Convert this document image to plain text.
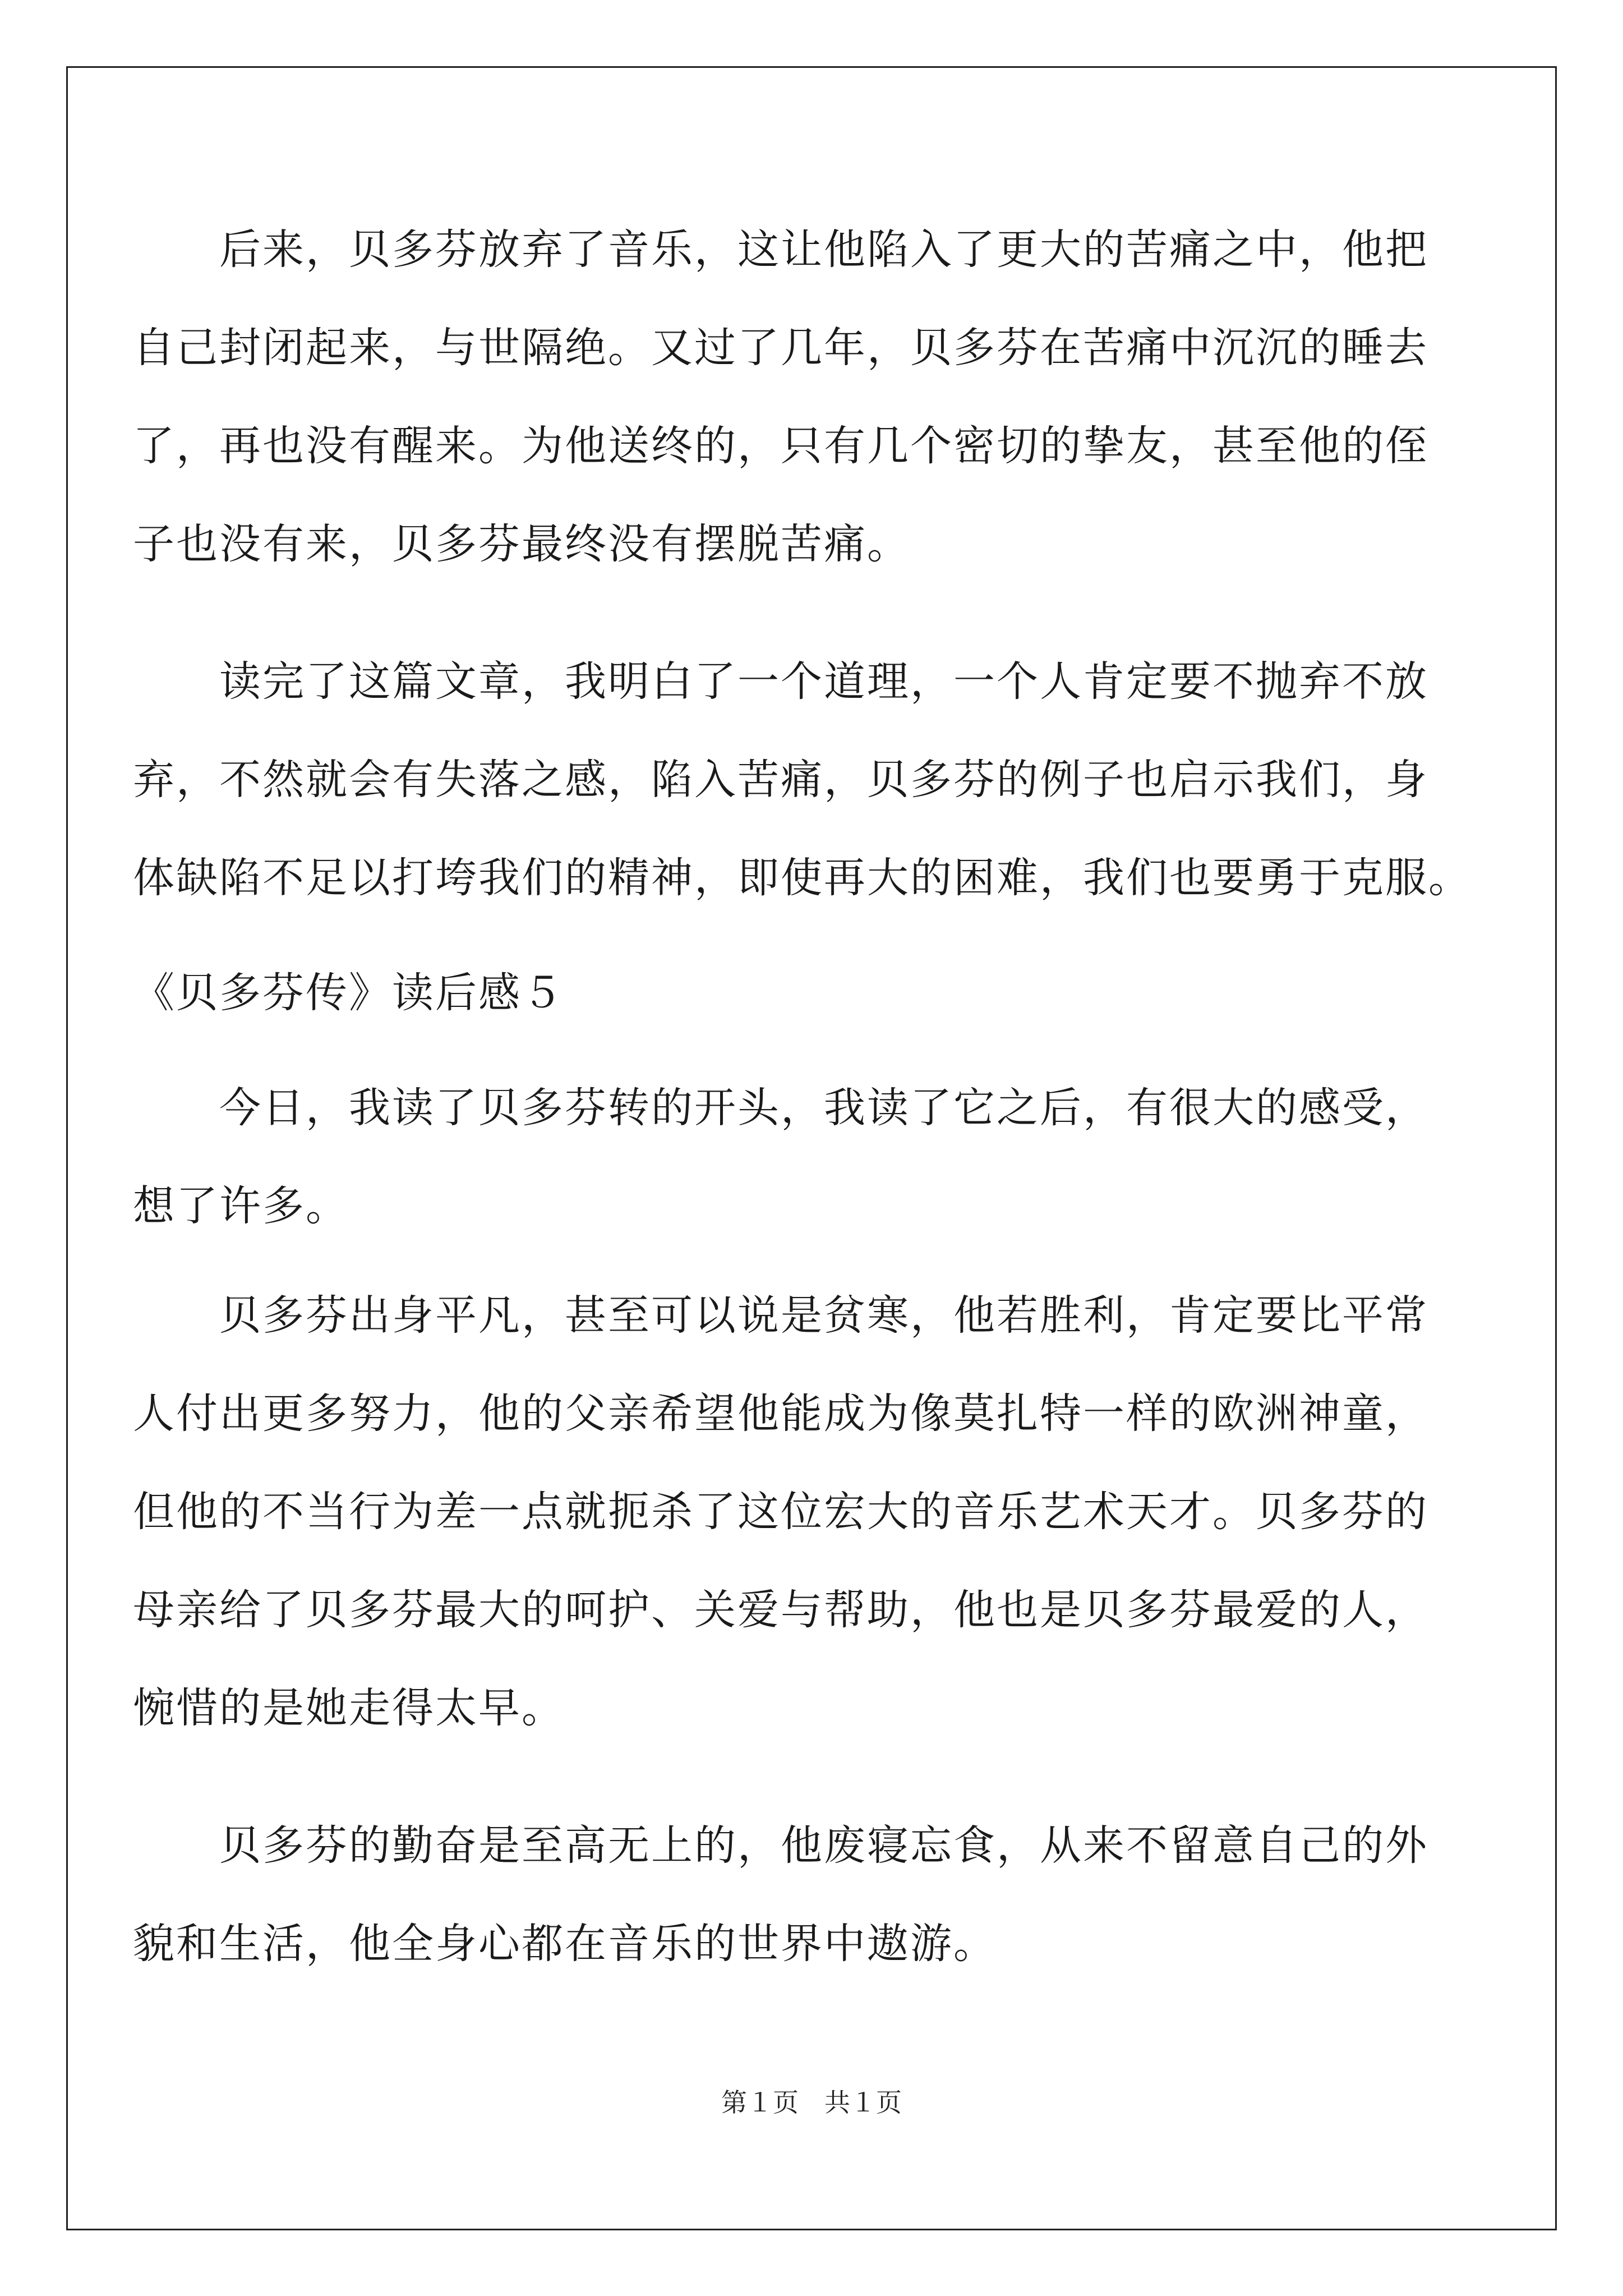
　　后来，贝多芬放弃了音乐，这让他陷入了更大的苦痛之中，他把
自己封闭起来，与世隔绝。又过了几年，贝多芬在苦痛中沉沉的睡去
了，再也没有醒来。为他送终的，只有几个密切的挚友，甚至他的侄
子也没有来，贝多芬最终没有摆脱苦痛。
　　读完了这篇文章，我明白了一个道理，一个人肯定要不抛弃不放
弃，不然就会有失落之感，陷入苦痛，贝多芬的例子也启示我们，身
体缺陷不足以打垮我们的精神，即使再大的困难，我们也要勇于克服。
《贝多芬传》读后感５
　　今日，我读了贝多芬转的开头，我读了它之后，有很大的感受，
想了许多。
　　贝多芬出身平凡，甚至可以说是贫寒，他若胜利，肯定要比平常
人付出更多努力，他的父亲希望他能成为像莫扎特一样的欧洲神童，
但他的不当行为差一点就扼杀了这位宏大的音乐艺术天才。贝多芬的
母亲给了贝多芬最大的呵护、关爱与帮助，他也是贝多芬最爱的人，
惋惜的是她走得太早。
　　贝多芬的勤奋是至高无上的，他废寝忘食，从来不留意自己的外
貌和生活，他全身心都在音乐的世界中遨游。
第１页　共１页
